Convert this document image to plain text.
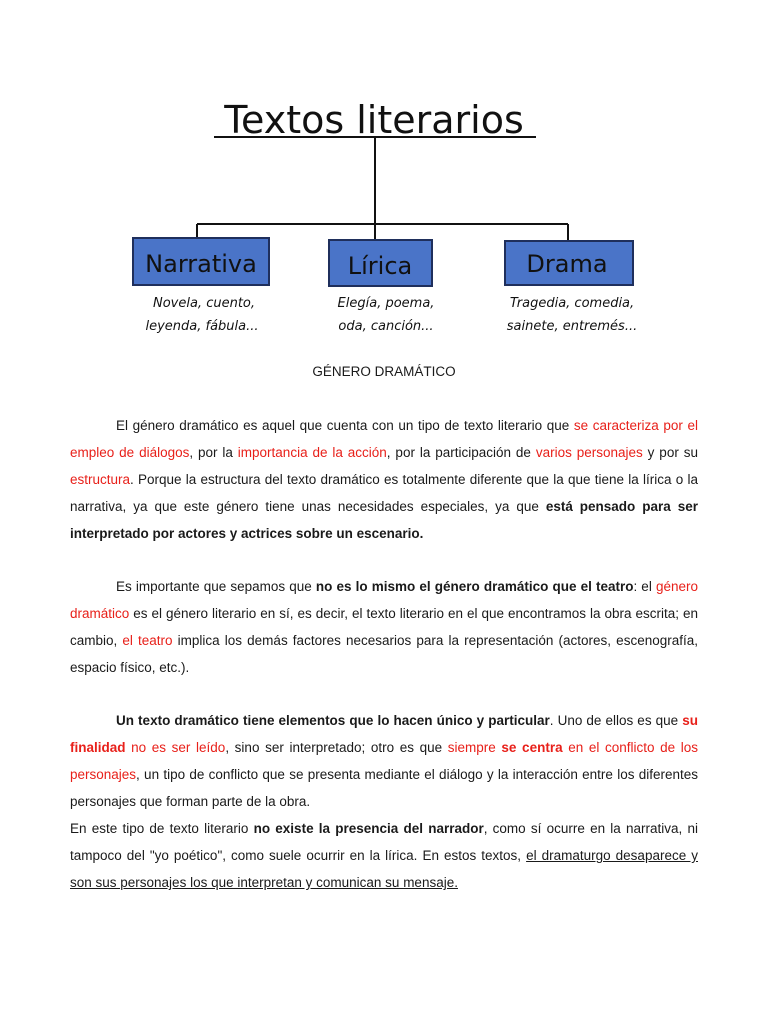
Textos literarios
Narrativa	Lírica	Drama
Novela, cuento,
leyenda, fábula...
Elegía, poema,
oda, canción...
Tragedia, comedia,
sainete, entremés...
GÉNERO DRAMÁTICO

El género dramático es aquel que cuenta con un tipo de texto literario que se caracteriza por el empleo de diálogos, por la importancia de la acción, por la participación de varios personajes y por su estructura. Porque la estructura del texto dramático es totalmente diferente que la que tiene la lírica o la narrativa, ya que este género tiene unas necesidades especiales, ya que está pensado para ser interpretado por actores y actrices sobre un escenario.

Es importante que sepamos que no es lo mismo el género dramático que el teatro: el género dramático es el género literario en sí, es decir, el texto literario en el que encontramos la obra escrita; en cambio, el teatro implica los demás factores necesarios para la representación (actores, escenografía, espacio físico, etc.).

Un texto dramático tiene elementos que lo hacen único y particular. Uno de ellos es que su finalidad no es ser leído, sino ser interpretado; otro es que siempre se centra en el conflicto de los personajes, un tipo de conflicto que se presenta mediante el diálogo y la interacción entre los diferentes personajes que forman parte de la obra.

En este tipo de texto literario no existe la presencia del narrador, como sí ocurre en la narrativa, ni tampoco del "yo poético", como suele ocurrir en la lírica. En estos textos, el dramaturgo desaparece y son sus personajes los que interpretan y comunican su mensaje.
